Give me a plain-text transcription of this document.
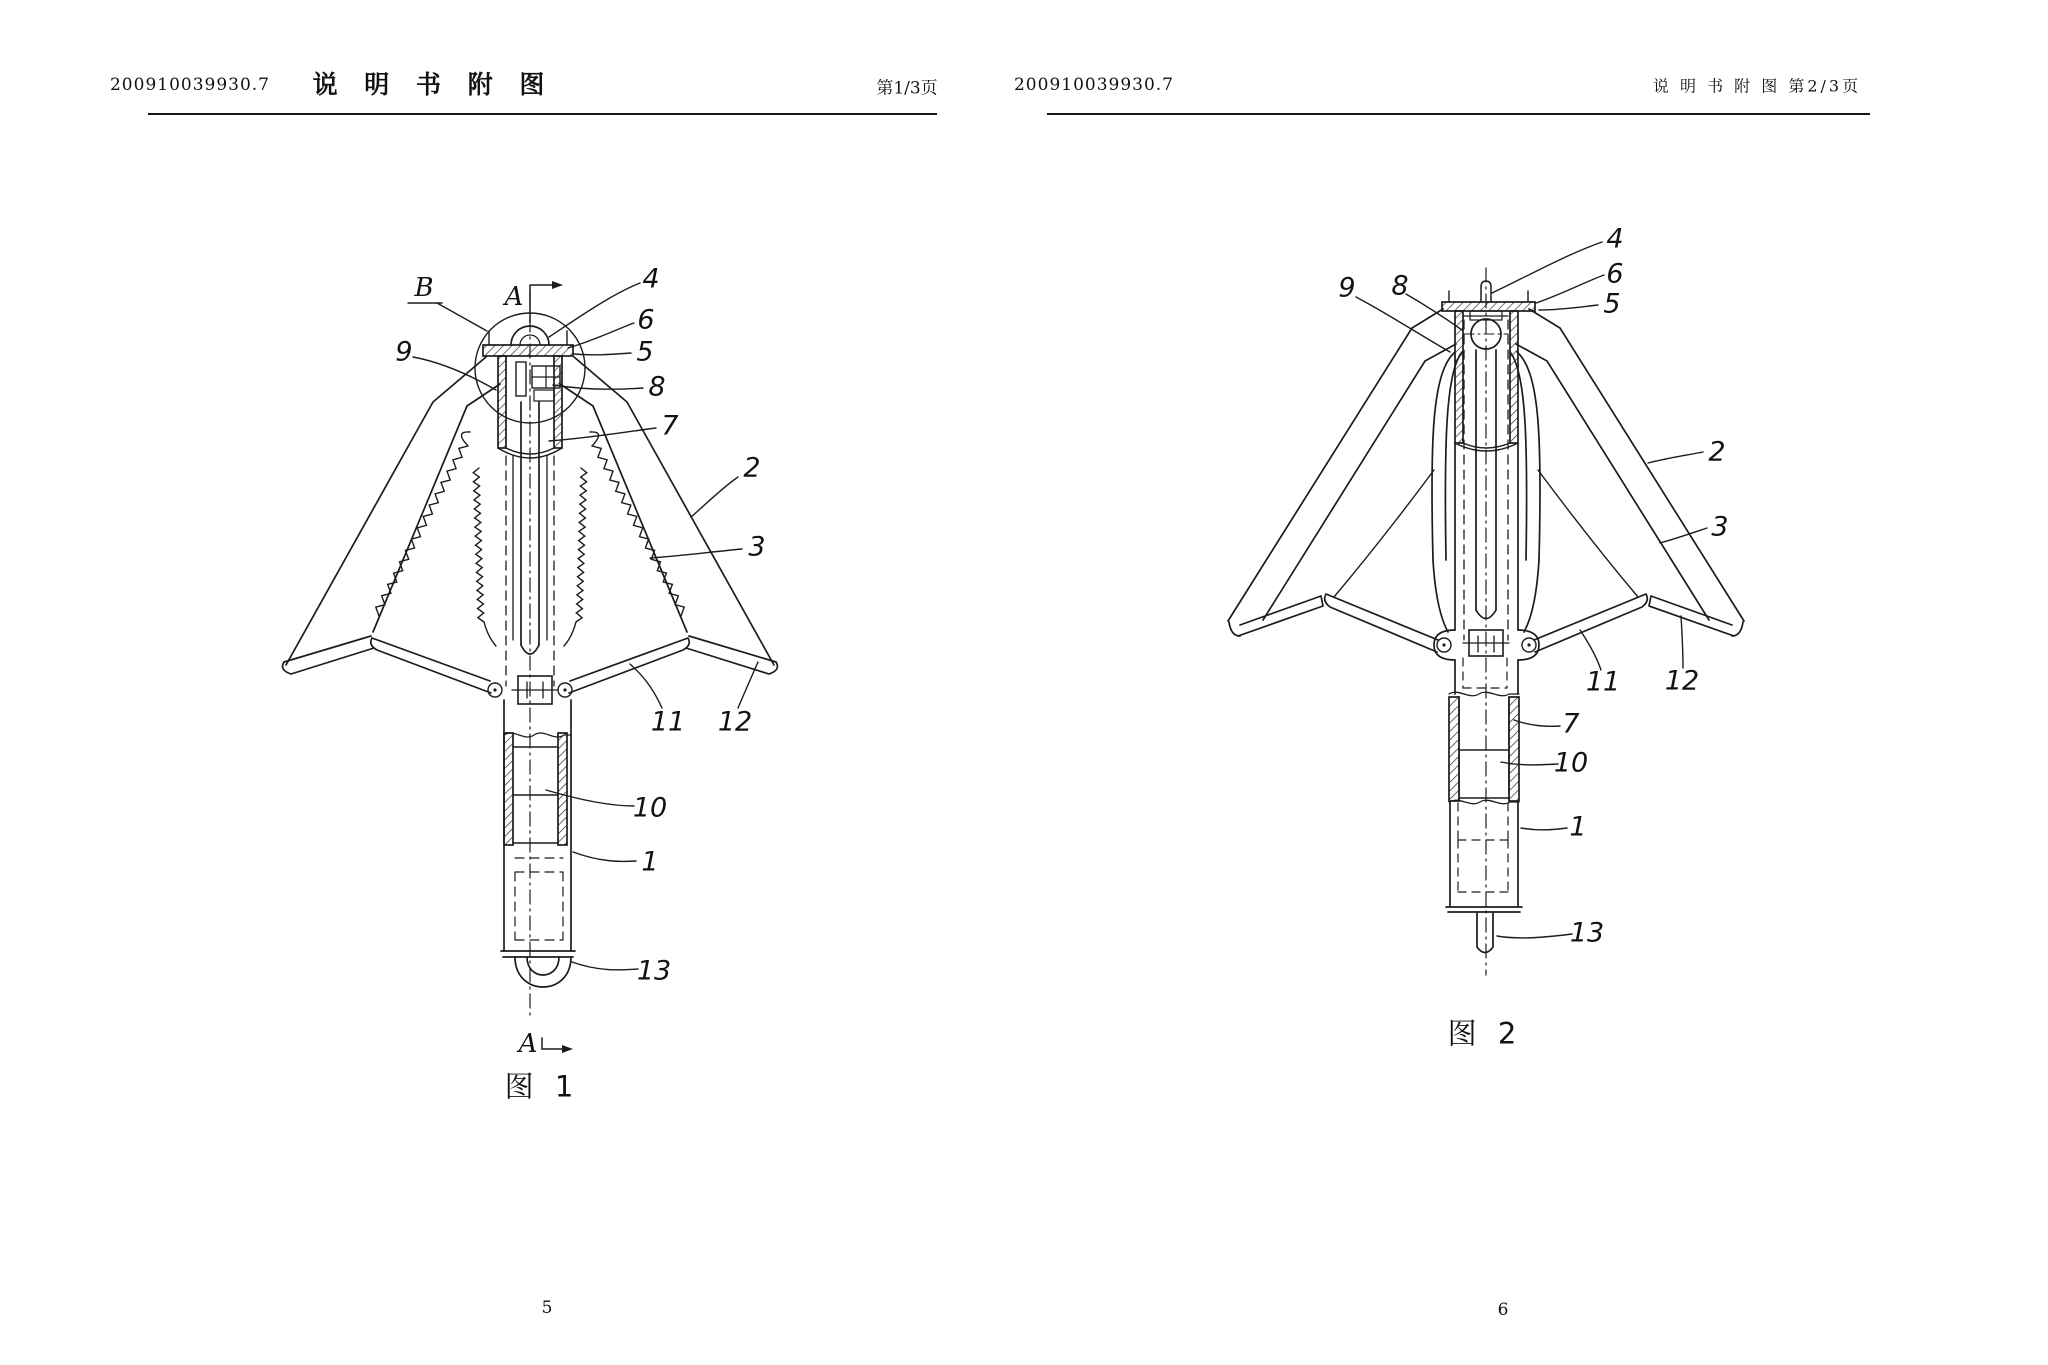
200910039930.7 说 明 书 附 图	第1/3页	200910039930.7	说 明 书 附 图 第2/3页
B	A
A
4
6
5
8
7
2
3
9
11 12
10
1
13
图 1
5
4
6
5
9 8
2
3
11 12
7
10
1
13
图 2
6
